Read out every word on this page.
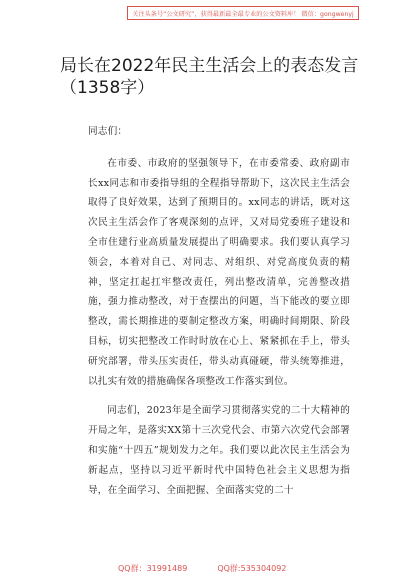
关注头条号“公文研究”，获得最新最全最专业的公文资料库！ 微信：gongwenyj
局长在2022年民主生活会上的表态发言
（1358字）

同志们：

在市委、市政府的坚强领导下，在市委常委、政府副市长xx同志和市委指导组的全程指导帮助下，这次民主生活会取得了良好效果，达到了预期目的。xx同志的讲话，既对这次民主生活会作了客观深刻的点评，又对局党委班子建设和全市住建行业高质量发展提出了明确要求。我们要认真学习领会，本着对自己、对同志、对组织、对党高度负责的精神，坚定扛起扛牢整改责任，列出整改清单，完善整改措施，强力推动整改，对于查摆出的问题，当下能改的要立即整改，需长期推进的要制定整改方案，明确时间期限、阶段目标，切实把整改工作时时放在心上、紧紧抓在手上，带头研究部署，带头压实责任，带头动真碰硬，带头统筹推进，以扎实有效的措施确保各项整改工作落实到位。

同志们，2023年是全面学习贯彻落实党的二十大精神的开局之年，是落实XX第十三次党代会、市第六次党代会部署和实施“十四五”规划发力之年。我们要以此次民主生活会为新起点，坚持以习近平新时代中国特色社会主义思想为指导，在全面学习、全面把握、全面落实党的二十

QQ群：31991489	QQ群:535304092
